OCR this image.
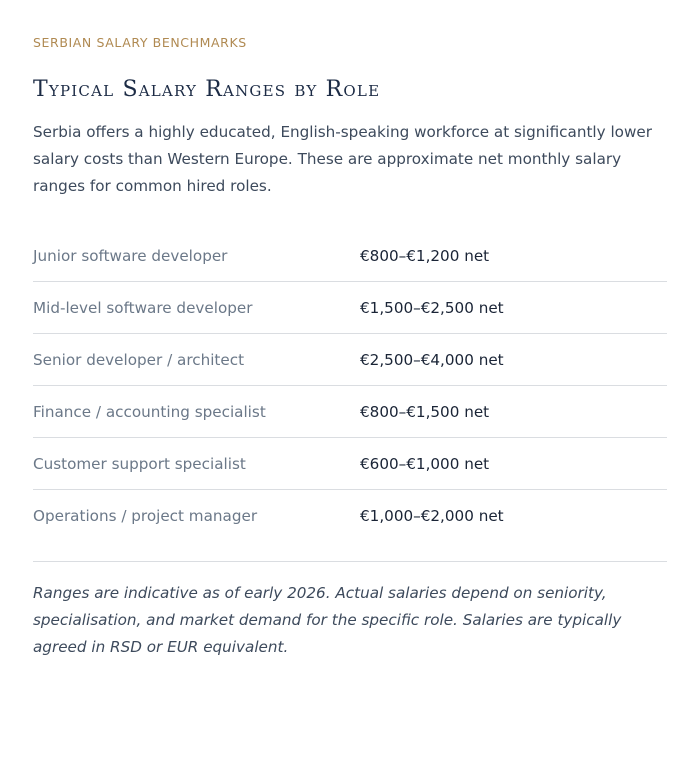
SERBIAN SALARY BENCHMARKS

Typical Salary Ranges by Role

Serbia offers a highly educated, English-speaking workforce at significantly lower salary costs than Western Europe. These are approximate net monthly salary ranges for common hired roles.

Junior software developer	€800–€1,200 net
Mid-level software developer	€1,500–€2,500 net
Senior developer / architect	€2,500–€4,000 net
Finance / accounting specialist	€800–€1,500 net
Customer support specialist	€600–€1,000 net
Operations / project manager	€1,000–€2,000 net

Ranges are indicative as of early 2026. Actual salaries depend on seniority, specialisation, and market demand for the specific role. Salaries are typically agreed in RSD or EUR equivalent.
